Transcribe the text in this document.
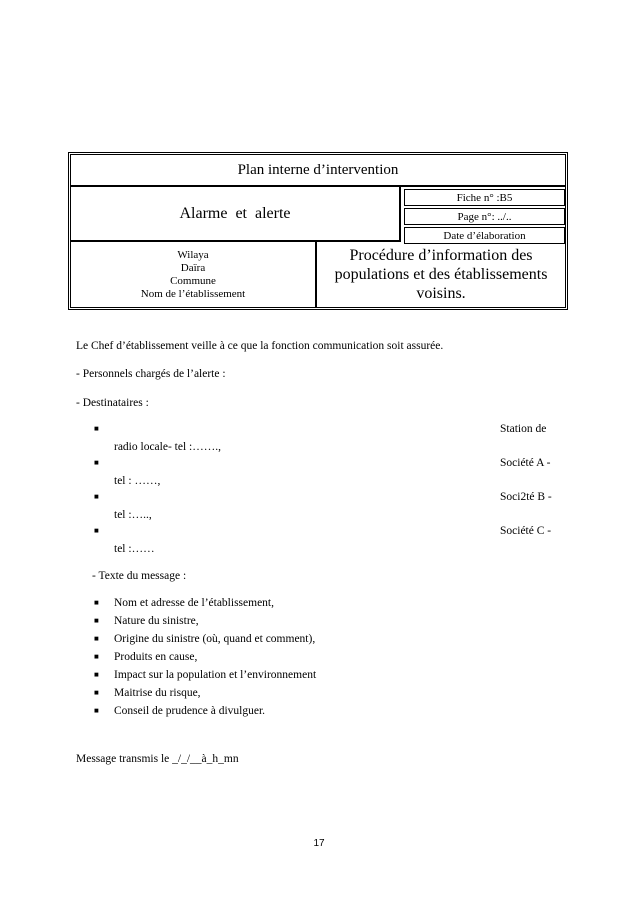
Plan interne d’intervention
Alarme et alerte
Fiche n° :B5
Page n°: ../..
Date d’élaboration
Wilaya
Daïra
Commune
Nom de l’établissement
Procédure d’information des populations et des établissements voisins.
Le Chef d’établissement veille à ce que la fonction communication soit assurée.
- Personnels chargés de l’alerte :
- Destinataires :
■	Station de
radio locale- tel :…….,
■	Société A -
tel : ……,
■	Soci2té B -
tel :…..,
■	Société C -
tel :……
- Texte du message :
■ Nom et adresse de l’établissement,
■ Nature du sinistre,
■ Origine du sinistre (où, quand et comment),
■ Produits en cause,
■ Impact sur la population et l’environnement
■ Maitrise du risque,
■ Conseil de prudence à divulguer.
Message transmis le _/_/__à_h_mn
17
